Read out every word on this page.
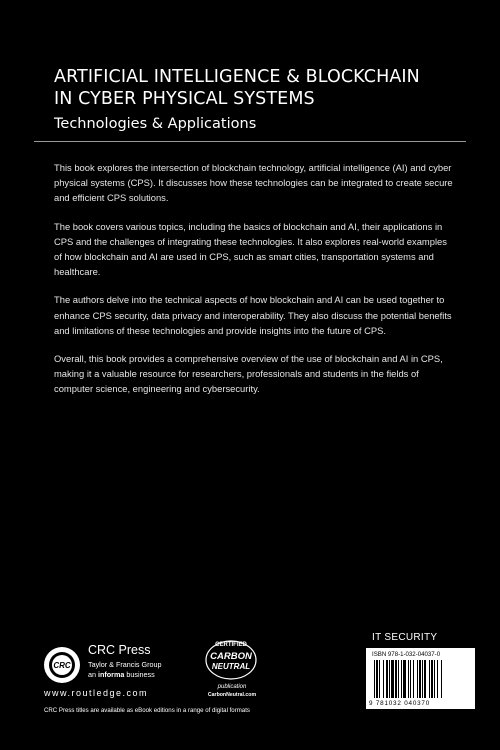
ARTIFICIAL INTELLIGENCE & BLOCKCHAIN
IN CYBER PHYSICAL SYSTEMS
Technologies & Applications

This book explores the intersection of blockchain technology, artificial intelligence (AI) and cyber physical systems (CPS). It discusses how these technologies can be integrated to create secure and efficient CPS solutions.

The book covers various topics, including the basics of blockchain and AI, their applications in CPS and the challenges of integrating these technologies. It also explores real-world examples of how blockchain and AI are used in CPS, such as smart cities, transportation systems and healthcare.

The authors delve into the technical aspects of how blockchain and AI can be used together to enhance CPS security, data privacy and interoperability. They also discuss the potential benefits and limitations of these technologies and provide insights into the future of CPS.

Overall, this book provides a comprehensive overview of the use of blockchain and AI in CPS, making it a valuable resource for researchers, professionals and students in the fields of computer science, engineering and cybersecurity.

CRC
CRC Press
Taylor & Francis Group
an informa business
www.routledge.com
CRC Press titles are available as eBook editions in a range of digital formats
CERTIFIED
CARBON
NEUTRAL
publication
CarbonNeutral.com
IT SECURITY
ISBN 978-1-032-04037-0
9 781032 040370
